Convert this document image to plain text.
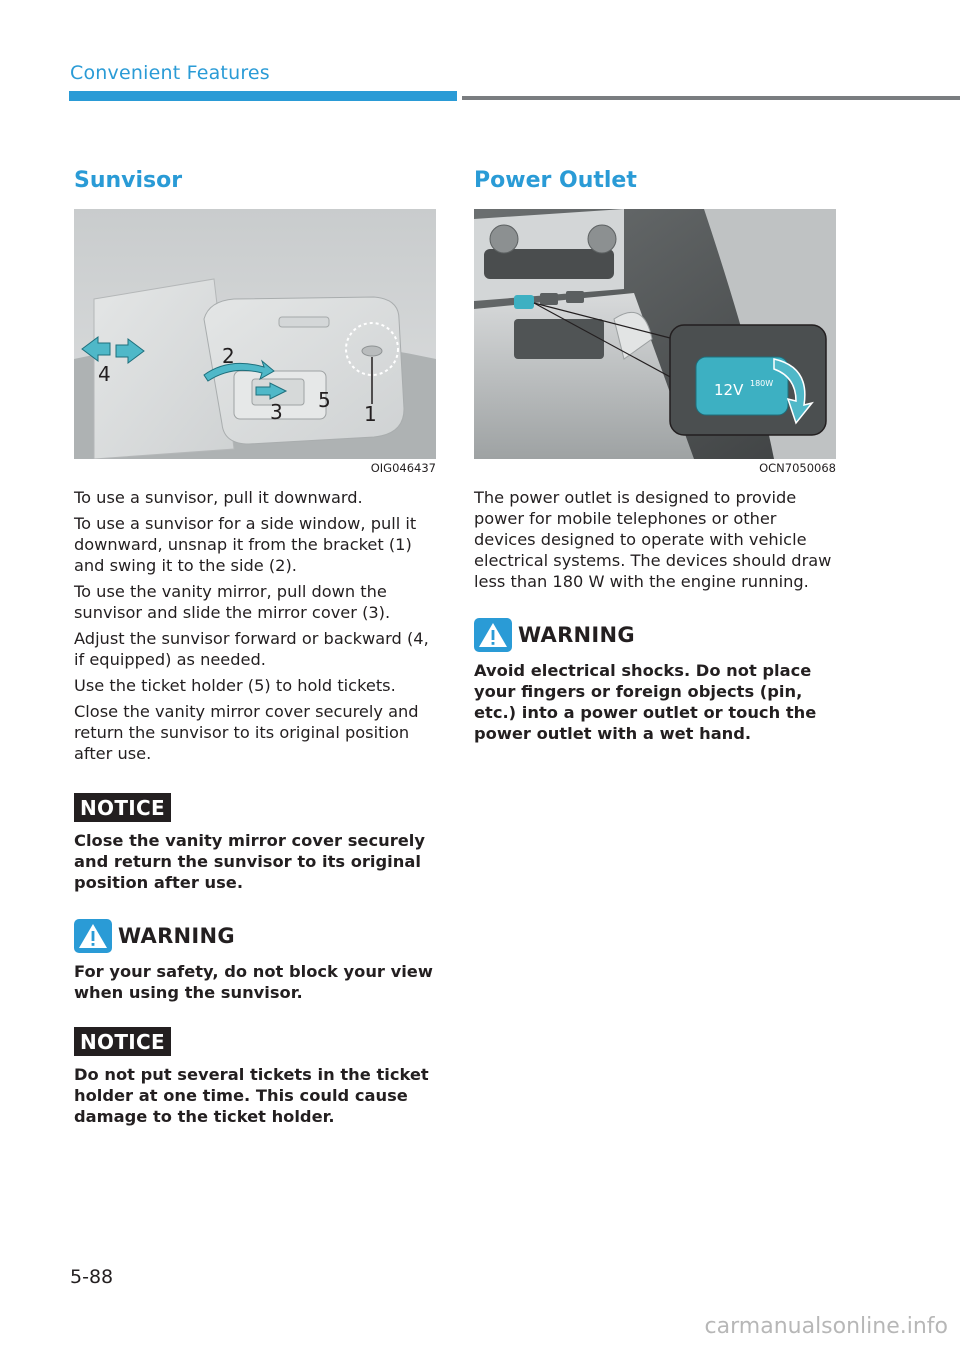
Convenient Features
Sunvisor
1
2
3
4
5
OIG046437

To use a sunvisor, pull it downward.

To use a sunvisor for a side window, pull it downward, unsnap it from the bracket (1) and swing it to the side (2).

To use the vanity mirror, pull down the sunvisor and slide the mirror cover (3).

Adjust the sunvisor forward or backward (4, if equipped) as needed.

Use the ticket holder (5) to hold tickets.

Close the vanity mirror cover securely and return the sunvisor to its original position after use.

NOTICE

Close the vanity mirror cover securely and return the sunvisor to its original position after use.

WARNING

For your safety, do not block your view when using the sunvisor.

NOTICE

Do not put several tickets in the ticket holder at one time. This could cause damage to the ticket holder.

Power Outlet
12V 180W
OCN7050068

The power outlet is designed to provide power for mobile telephones or other devices designed to operate with vehicle electrical systems. The devices should draw less than 180 W with the engine running.

WARNING

Avoid electrical shocks. Do not place your fingers or foreign objects (pin, etc.) into a power outlet or touch the power outlet with a wet hand.

5-88
carmanualsonline.info
